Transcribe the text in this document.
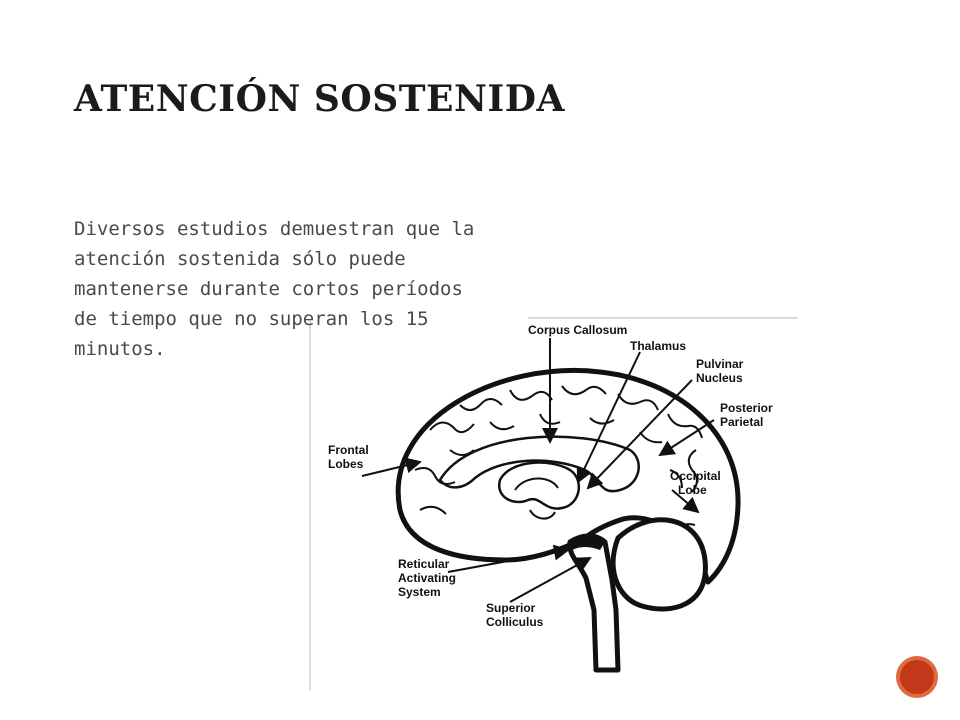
ATENCIÓN SOSTENIDA
Diversos estudios demuestran que la
atención sostenida sólo puede
mantenerse durante cortos períodos
de tiempo que no superan los 15
minutos.
Corpus Callosum
Thalamus
Pulvinar
Nucleus
Posterior
Parietal
Occipital
Lobe
Frontal
Lobes
Reticular
Activating
System
Superior
Colliculus
